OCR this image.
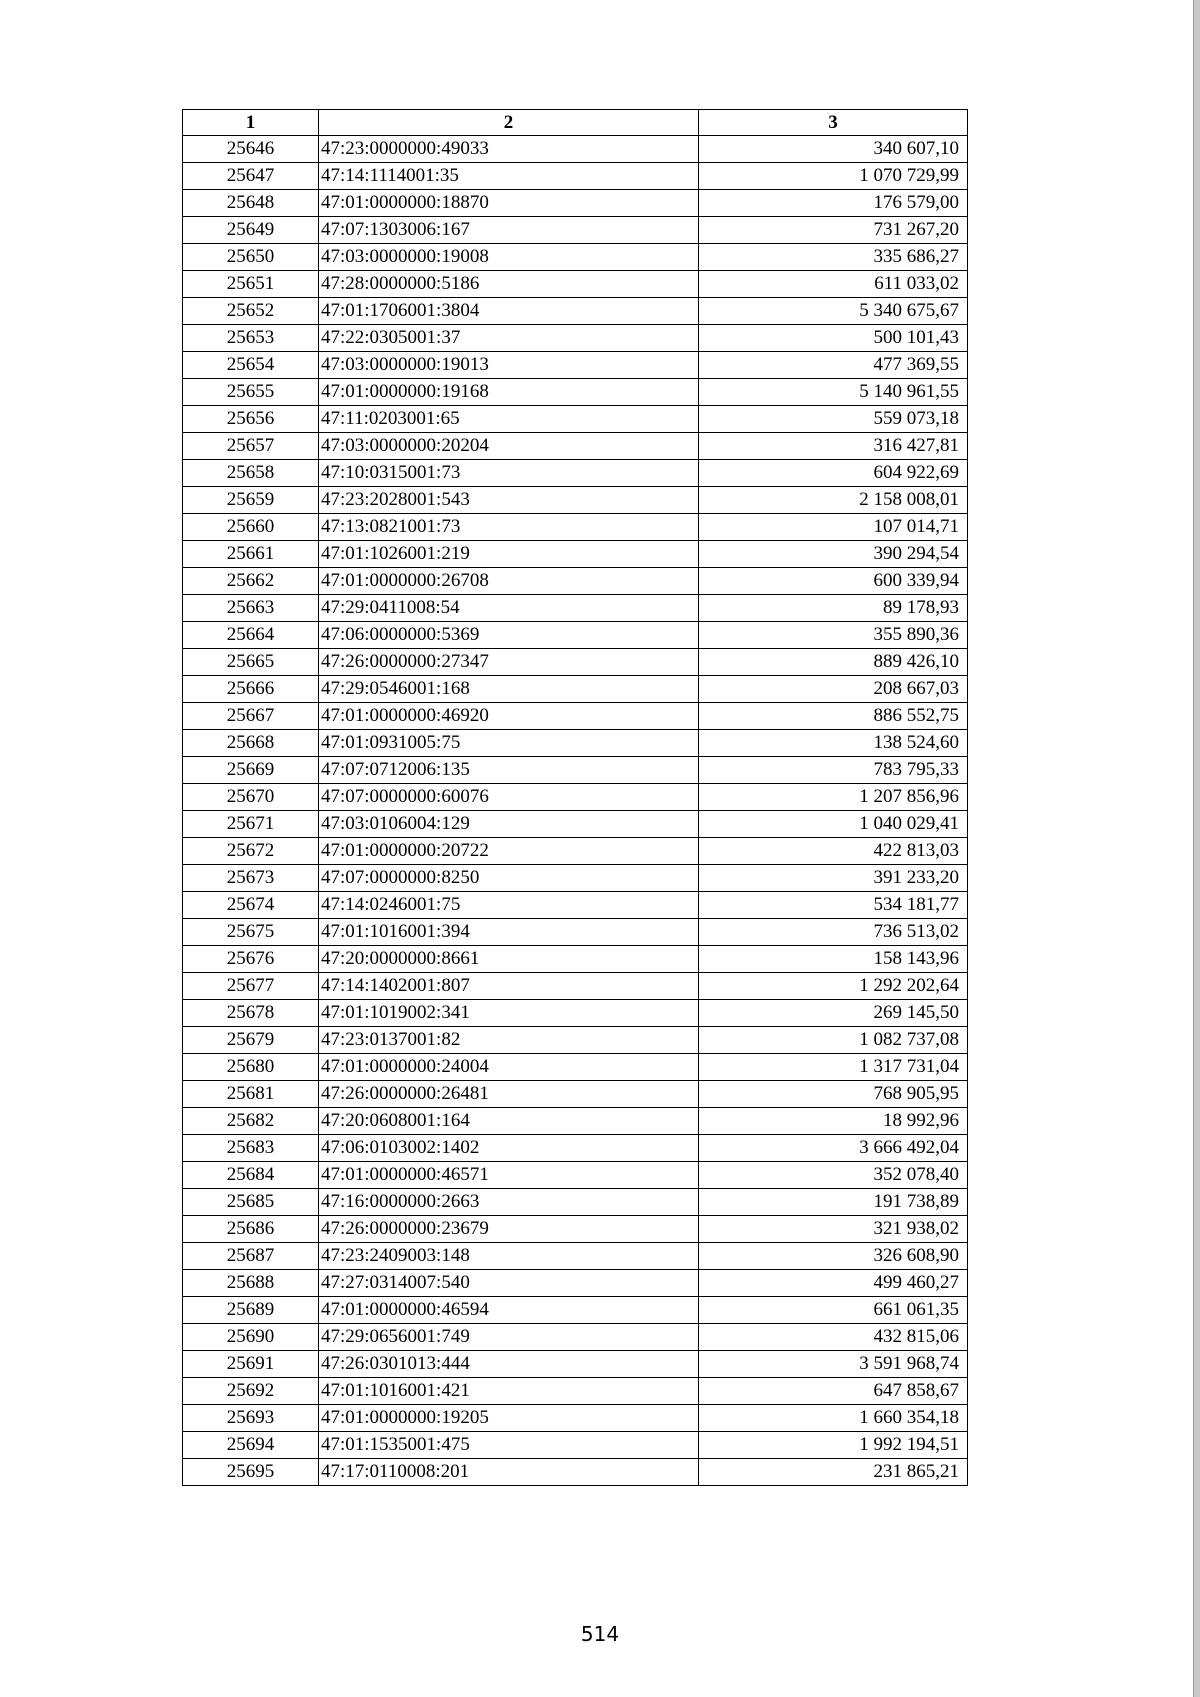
1	2	3
25646	47:23:0000000:49033	340 607,10
25647	47:14:1114001:35	1 070 729,99
25648	47:01:0000000:18870	176 579,00
25649	47:07:1303006:167	731 267,20
25650	47:03:0000000:19008	335 686,27
25651	47:28:0000000:5186	611 033,02
25652	47:01:1706001:3804	5 340 675,67
25653	47:22:0305001:37	500 101,43
25654	47:03:0000000:19013	477 369,55
25655	47:01:0000000:19168	5 140 961,55
25656	47:11:0203001:65	559 073,18
25657	47:03:0000000:20204	316 427,81
25658	47:10:0315001:73	604 922,69
25659	47:23:2028001:543	2 158 008,01
25660	47:13:0821001:73	107 014,71
25661	47:01:1026001:219	390 294,54
25662	47:01:0000000:26708	600 339,94
25663	47:29:0411008:54	89 178,93
25664	47:06:0000000:5369	355 890,36
25665	47:26:0000000:27347	889 426,10
25666	47:29:0546001:168	208 667,03
25667	47:01:0000000:46920	886 552,75
25668	47:01:0931005:75	138 524,60
25669	47:07:0712006:135	783 795,33
25670	47:07:0000000:60076	1 207 856,96
25671	47:03:0106004:129	1 040 029,41
25672	47:01:0000000:20722	422 813,03
25673	47:07:0000000:8250	391 233,20
25674	47:14:0246001:75	534 181,77
25675	47:01:1016001:394	736 513,02
25676	47:20:0000000:8661	158 143,96
25677	47:14:1402001:807	1 292 202,64
25678	47:01:1019002:341	269 145,50
25679	47:23:0137001:82	1 082 737,08
25680	47:01:0000000:24004	1 317 731,04
25681	47:26:0000000:26481	768 905,95
25682	47:20:0608001:164	18 992,96
25683	47:06:0103002:1402	3 666 492,04
25684	47:01:0000000:46571	352 078,40
25685	47:16:0000000:2663	191 738,89
25686	47:26:0000000:23679	321 938,02
25687	47:23:2409003:148	326 608,90
25688	47:27:0314007:540	499 460,27
25689	47:01:0000000:46594	661 061,35
25690	47:29:0656001:749	432 815,06
25691	47:26:0301013:444	3 591 968,74
25692	47:01:1016001:421	647 858,67
25693	47:01:0000000:19205	1 660 354,18
25694	47:01:1535001:475	1 992 194,51
25695	47:17:0110008:201	231 865,21
514
